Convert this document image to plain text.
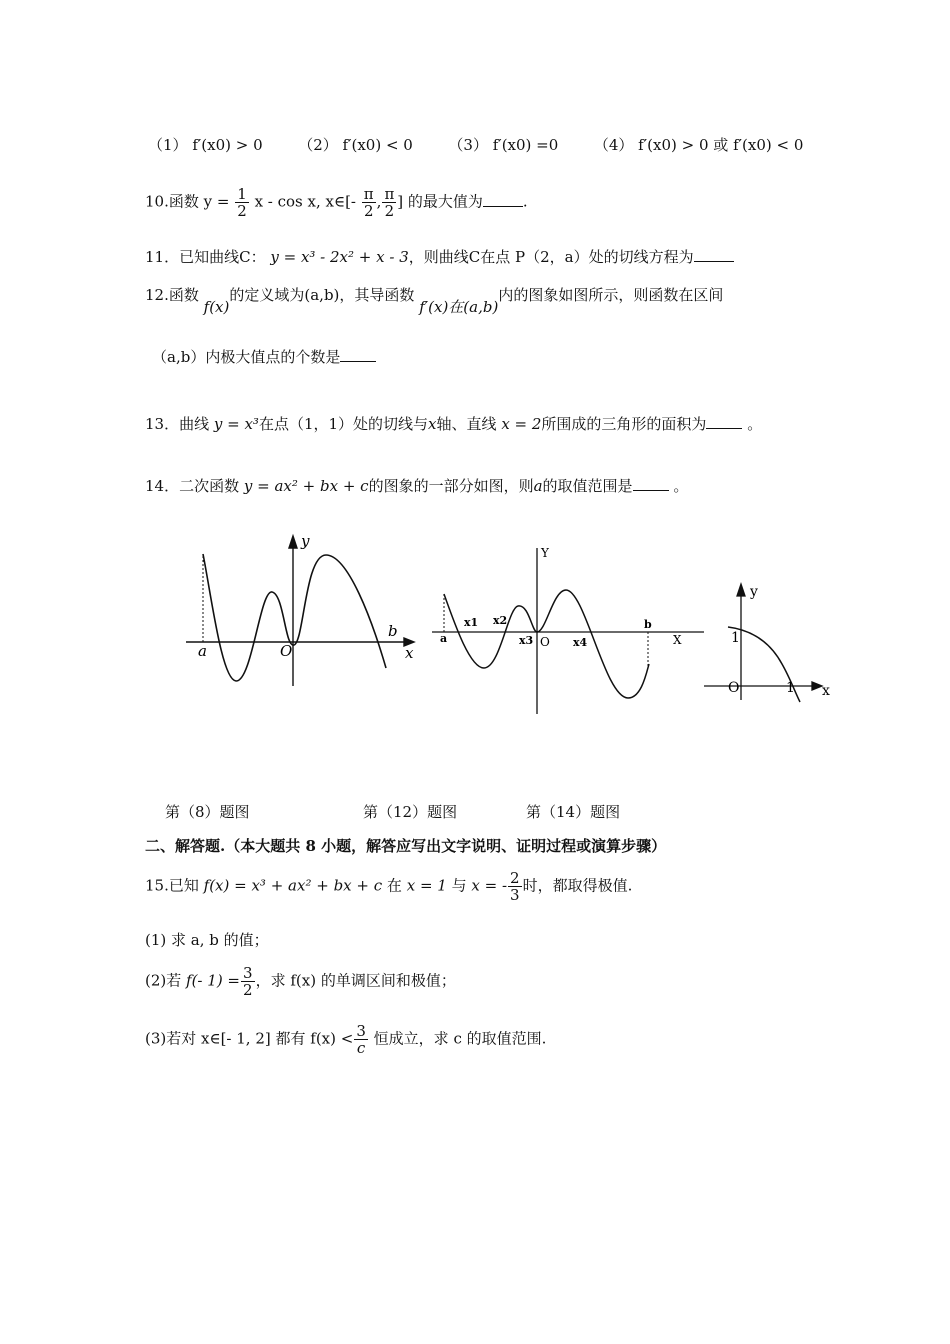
（1） f′(x0) > 0 （2） f′(x0) < 0 （3） f′(x0) =0 （4） f′(x0) > 0 或 f′(x0) < 0
10.函数 $y = \frac{1}{2}$ x - cos x, x∈[- $\frac{\pi}{2}$ , $\frac{\pi}{2}$ ] 的最大值为	.
11．已知曲线C： y = x³ - 2x² + x - 3，则曲线C在点 P（2，a）处的切线方程为
12.函数 f(x)的定义域为(a,b)，其导函数 f′(x)在(a,b)内的图象如图所示，则函数在区间
（a,b）内极大值点的个数是
13．曲线 y = x³在点（1，1）处的切线与x轴、直线 x = 2所围成的三角形的面积为 。
14．二次函数 y = ax² + bx + c的图象的一部分如图，则a的取值范围是 。
y
x
a	O
b
Y
X
a
x1 x2
x3 O x4
b
y
x
O
1
1
第（8）题图	第（12）题图	第（14）题图
二、解答题.（本大题共 8 小题，解答应写出文字说明、证明过程或演算步骤）
15.已知 f(x) = x³ + ax² + bx + c 在 x = 1 与 x = - $\frac{2}{3}$ 时，都取得极值.
(1) 求 a, b 的值；
(2)若 f(- $1) = \frac{3}{2}$ ，求 f(x) 的单调区间和极值；
(3)若对 x∈[- 1, 2] 都有 $f(x) < \frac{3}{c}$ 恒成立，求 c 的取值范围.
